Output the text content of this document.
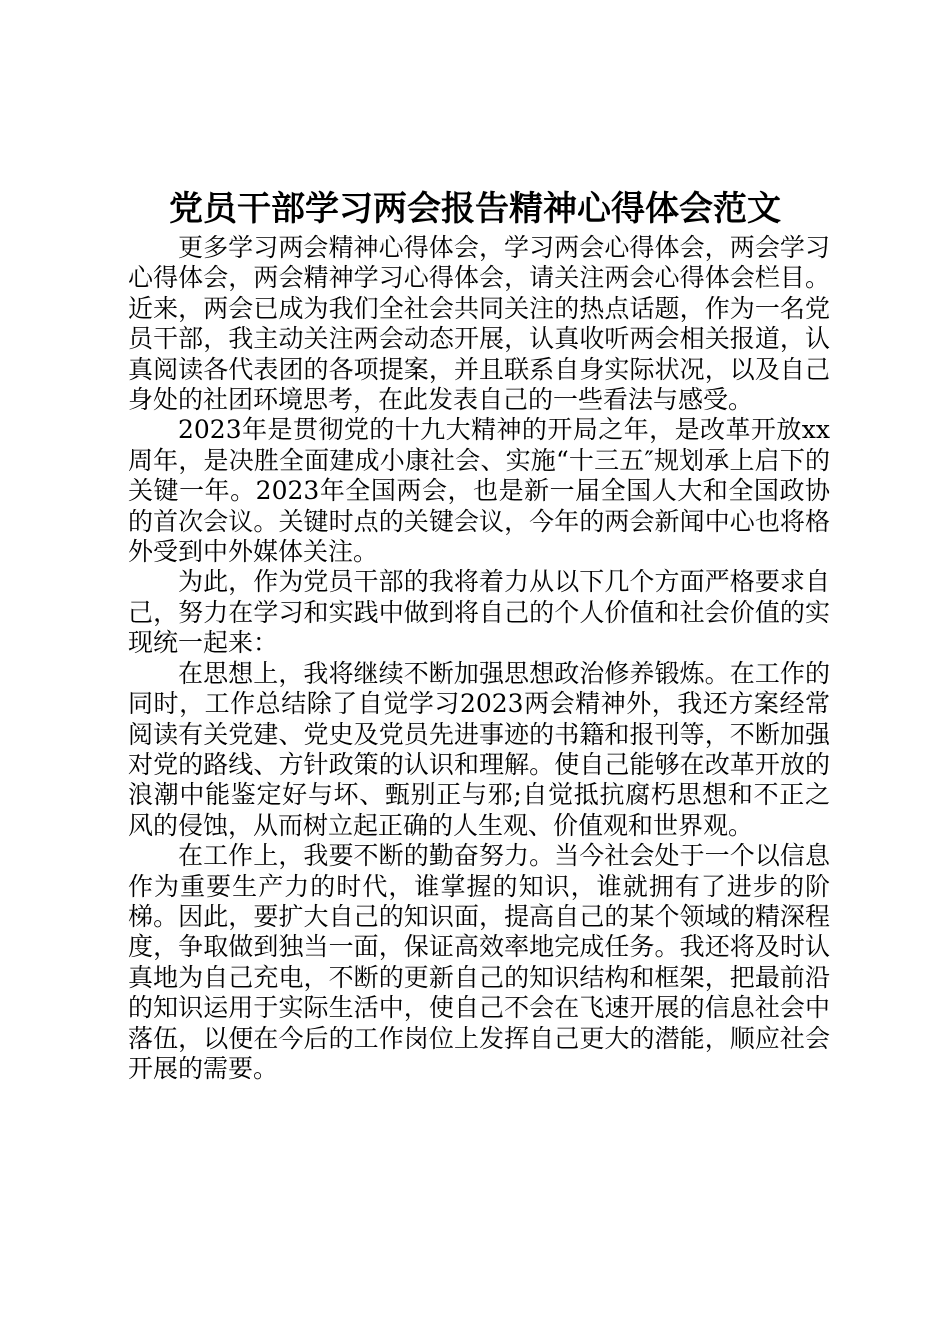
党员干部学习两会报告精神心得体会范文

更多学习两会精神心得体会，学习两会心得体会，两会学习心得体会，两会精神学习心得体会，请关注两会心得体会栏目。近来，两会已成为我们全社会共同关注的热点话题，作为一名党员干部，我主动关注两会动态开展，认真收听两会相关报道，认真阅读各代表团的各项提案，并且联系自身实际状况，以及自己身处的社团环境思考，在此发表自己的一些看法与感受。

2023年是贯彻党的十九大精神的开局之年，是改革开放xx周年，是决胜全面建成小康社会、实施“十三五″规划承上启下的关键一年。2023年全国两会，也是新一届全国人大和全国政协的首次会议。关键时点的关键会议，今年的两会新闻中心也将格外受到中外媒体关注。

为此，作为党员干部的我将着力从以下几个方面严格要求自己，努力在学习和实践中做到将自己的个人价值和社会价值的实现统一起来：

在思想上，我将继续不断加强思想政治修养锻炼。在工作的同时，工作总结除了自觉学习2023两会精神外，我还方案经常阅读有关党建、党史及党员先进事迹的书籍和报刊等，不断加强对党的路线、方针政策的认识和理解。使自己能够在改革开放的浪潮中能鉴定好与坏、甄别正与邪;自觉抵抗腐朽思想和不正之风的侵蚀，从而树立起正确的人生观、价值观和世界观。

在工作上，我要不断的勤奋努力。当今社会处于一个以信息作为重要生产力的时代，谁掌握的知识，谁就拥有了进步的阶梯。因此，要扩大自己的知识面，提高自己的某个领域的精深程度，争取做到独当一面，保证高效率地完成任务。我还将及时认真地为自己充电，不断的更新自己的知识结构和框架，把最前沿的知识运用于实际生活中，使自己不会在飞速开展的信息社会中落伍，以便在今后的工作岗位上发挥自己更大的潜能，顺应社会开展的需要。
